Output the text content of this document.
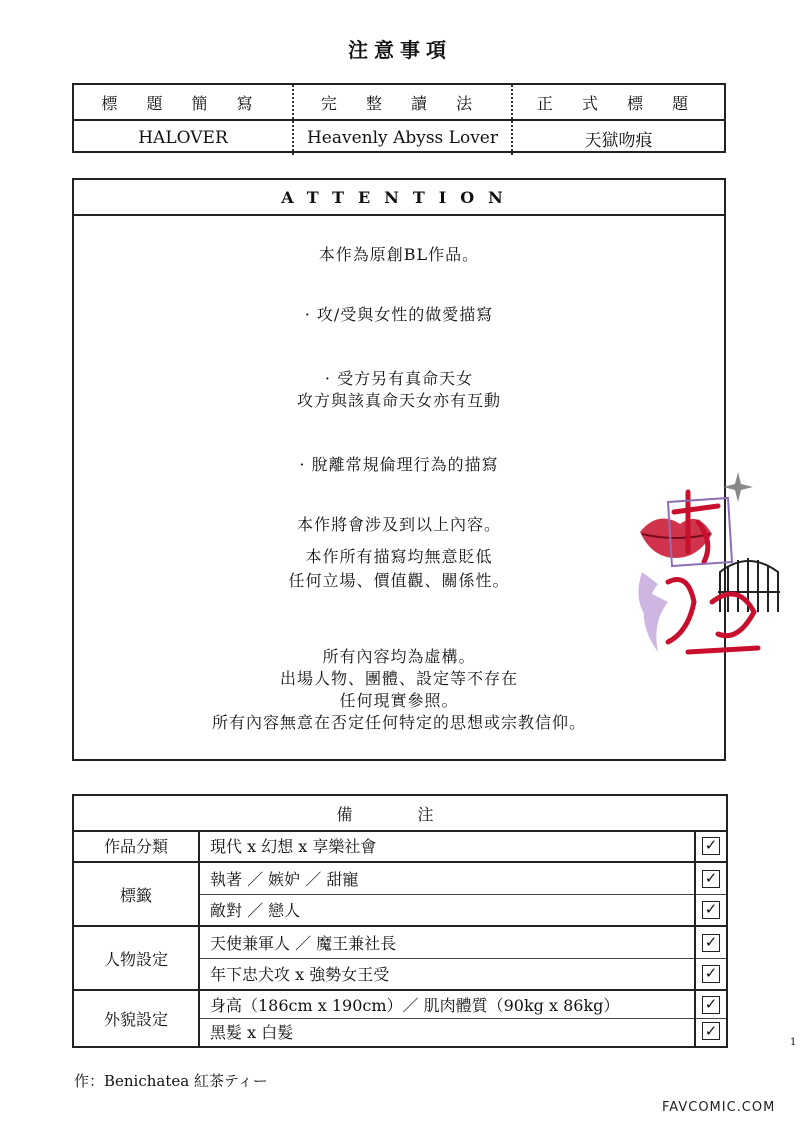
注意事項
標 題 簡 寫	完 整 讀 法	正 式 標 題
HALOVER	Heavenly Abyss Lover	天獄吻痕
ATTENTION
本作為原創BL作品。
· 攻/受與女性的做愛描寫
· 受方另有真命天女
攻方與該真命天女亦有互動
· 脫離常規倫理行為的描寫
本作將會涉及到以上內容。
本作所有描寫均無意貶低
任何立場、價值觀、關係性。
所有內容均為虛構。
出場人物、團體、設定等不存在
任何現實參照。
所有內容無意在否定任何特定的思想或宗教信仰。
備 注
作品分類	現代 x 幻想 x 享樂社會	✓
標籤
執著 ／ 嫉妒 ／ 甜寵	✓
敵對 ／ 戀人	✓
人物設定
天使兼軍人 ／ 魔王兼社長	✓
年下忠犬攻 x 強勢女王受	✓
外貌設定
身高（186cm x 190cm）／ 肌肉體質（90kg x 86kg）	✓
黑髮 x 白髮	✓
1
作：Benichatea 紅茶ティー
FAVCOMIC.COM
